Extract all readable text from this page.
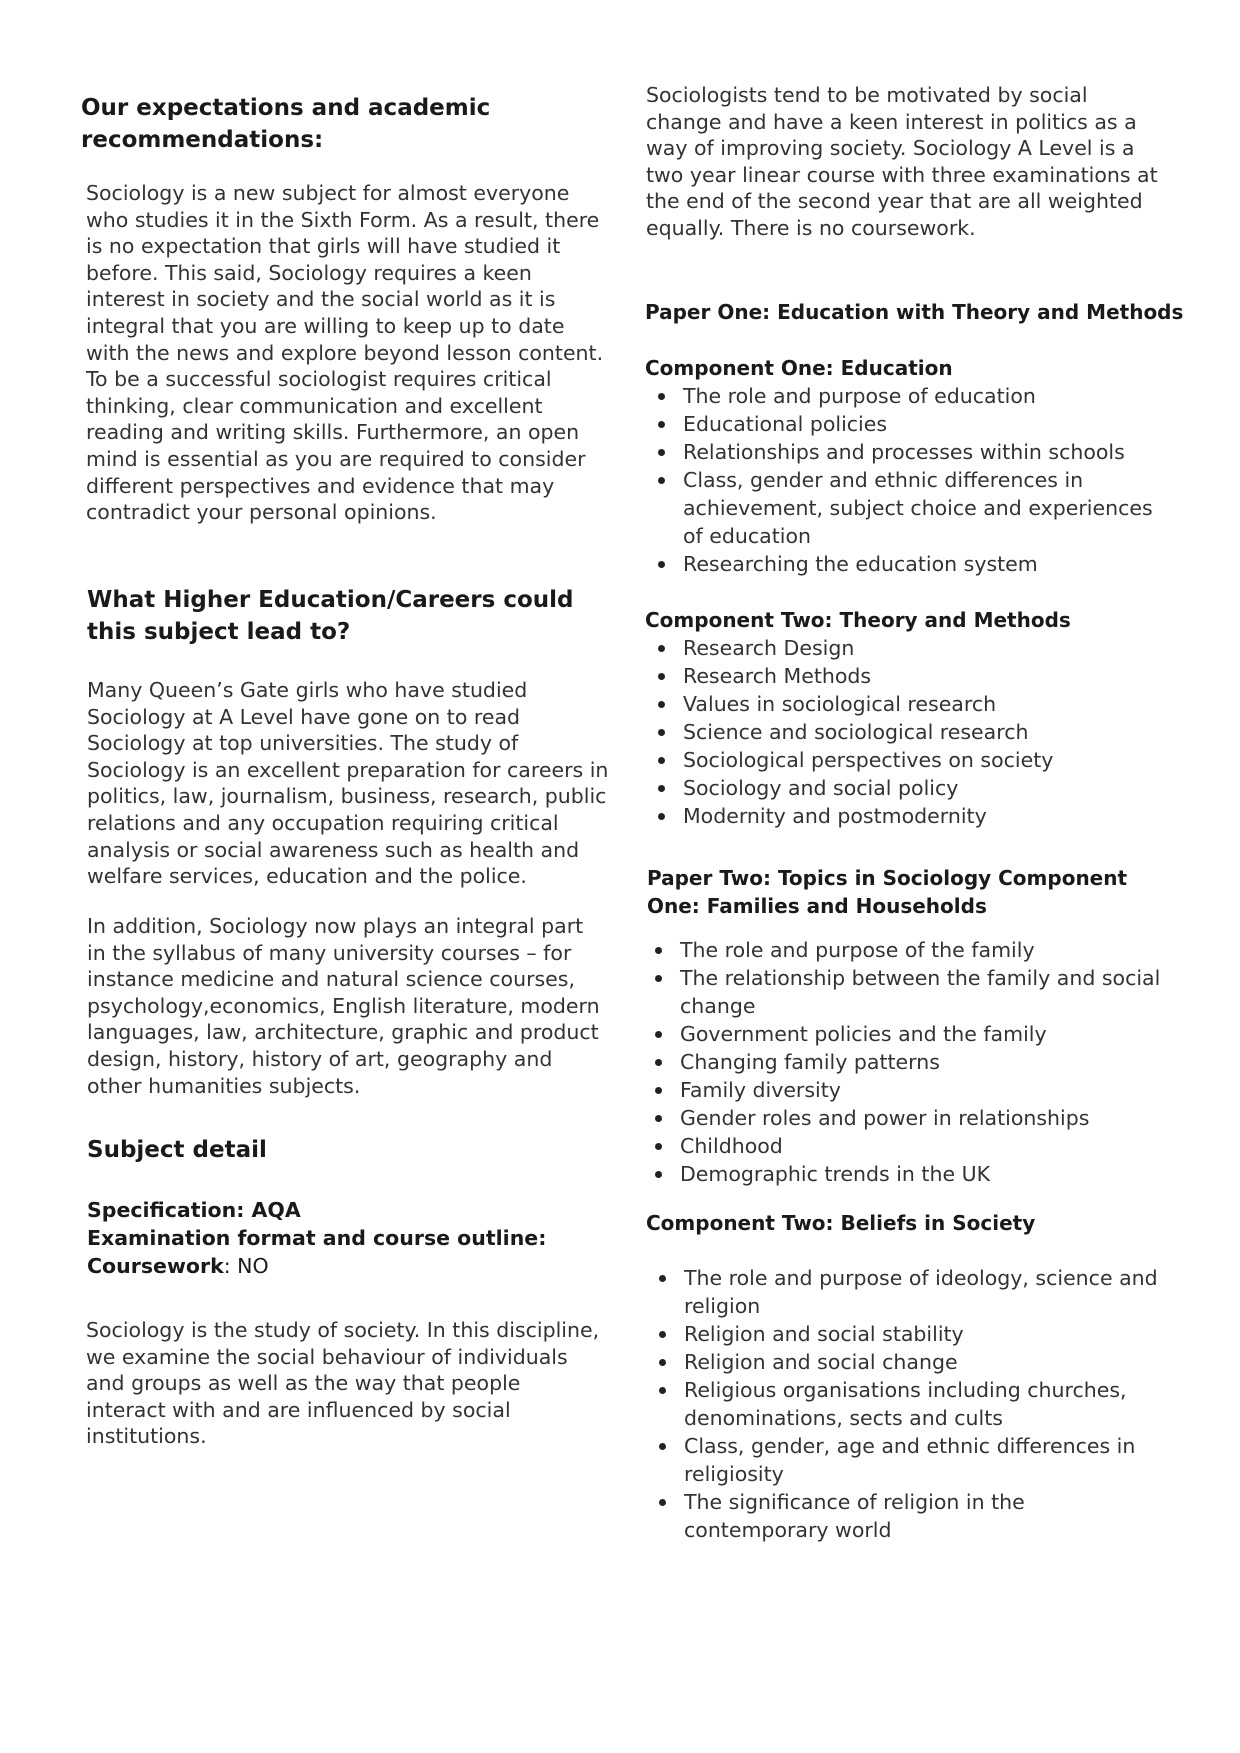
Our expectations and academic recommendations:

Sociology is a new subject for almost everyone who studies it in the Sixth Form. As a result, there is no expectation that girls will have studied it before. This said, Sociology requires a keen interest in society and the social world as it is integral that you are willing to keep up to date with the news and explore beyond lesson content. To be a successful sociologist requires critical thinking, clear communication and excellent reading and writing skills. Furthermore, an open mind is essential as you are required to consider different perspectives and evidence that may contradict your personal opinions.

What Higher Education/Careers could this subject lead to?

Many Queen’s Gate girls who have studied Sociology at A Level have gone on to read Sociology at top universities. The study of Sociology is an excellent preparation for careers in politics, law, journalism, business, research, public relations and any occupation requiring critical analysis or social awareness such as health and welfare services, education and the police.

In addition, Sociology now plays an integral part in the syllabus of many university courses – for instance medicine and natural science courses, psychology,economics, English literature, modern languages, law, architecture, graphic and product design, history, history of art, geography and other humanities subjects.

Subject detail
Specification: AQA
Examination format and course outline:
Coursework: NO

Sociology is the study of society. In this discipline, we examine the social behaviour of individuals and groups as well as the way that people interact with and are influenced by social institutions.

Sociologists tend to be motivated by social change and have a keen interest in politics as a way of improving society. Sociology A Level is a two year linear course with three examinations at the end of the second year that are all weighted equally. There is no coursework.

Paper One: Education with Theory and Methods
Component One: Education
The role and purpose of education
Educational policies
Relationships and processes within schools
Class, gender and ethnic differences in achievement, subject choice and experiences of education
Researching the education system
Component Two: Theory and Methods
Research Design
Research Methods
Values in sociological research
Science and sociological research
Sociological perspectives on society
Sociology and social policy
Modernity and postmodernity
Paper Two: Topics in Sociology Component One: Families and Households
The role and purpose of the family
The relationship between the family and social change
Government policies and the family
Changing family patterns
Family diversity
Gender roles and power in relationships
Childhood
Demographic trends in the UK
Component Two: Beliefs in Society
The role and purpose of ideology, science and religion
Religion and social stability
Religion and social change
Religious organisations including churches, denominations, sects and cults
Class, gender, age and ethnic differences in religiosity
The significance of religion in the contemporary world
